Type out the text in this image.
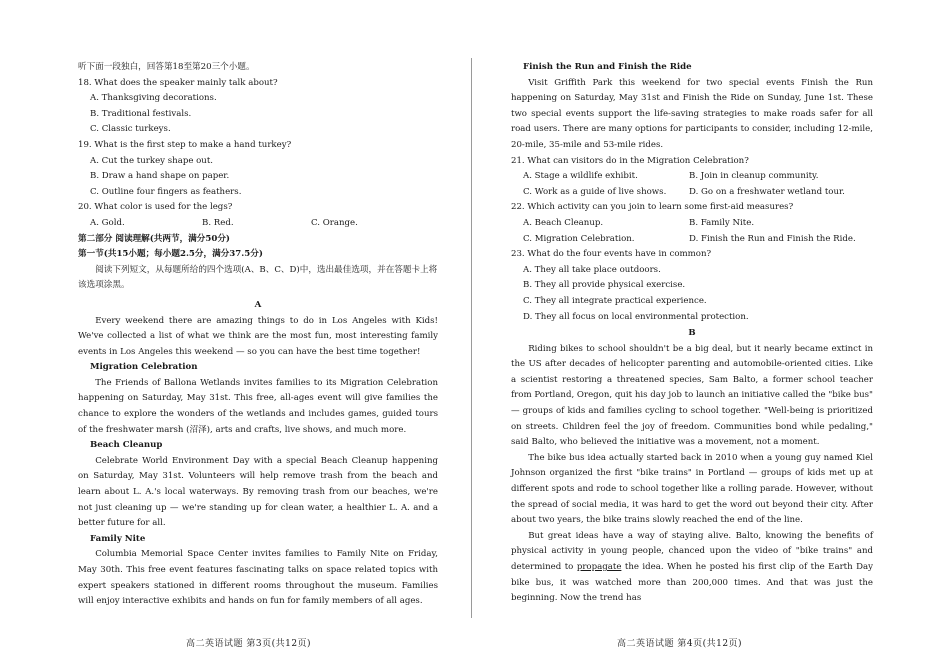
听下面一段独白，回答第18至第20三个小题。

18. What does the speaker mainly talk about?

A. Thanksgiving decorations.

B. Traditional festivals.

C. Classic turkeys.

19. What is the first step to make a hand turkey?

A. Cut the turkey shape out.

B. Draw a hand shape on paper.

C. Outline four fingers as feathers.

20. What color is used for the legs?

A. Gold.	B. Red.	C. Orange.

第二部分 阅读理解(共两节，满分50分)

第一节(共15小题；每小题2.5分，满分37.5分)

阅读下列短文，从每题所给的四个选项(A、B、C、D)中，选出最佳选项，并在答题卡上将

该选项涂黑。

A

Every weekend there are amazing things to do in Los Angeles with Kids! We've collected a list of what we think are the most fun, most interesting family events in Los Angeles this weekend — so you can have the best time together!

Migration Celebration

The Friends of Ballona Wetlands invites families to its Migration Celebration happening on Saturday, May 31st. This free, all-ages event will give families the chance to explore the wonders of the wetlands and includes games, guided tours of the freshwater marsh (沼泽), arts and crafts, live shows, and much more.

Beach Cleanup

Celebrate World Environment Day with a special Beach Cleanup happening on Saturday, May 31st. Volunteers will help remove trash from the beach and learn about L. A.'s local waterways. By removing trash from our beaches, we're not just cleaning up — we're standing up for clean water, a healthier L. A. and a better future for all.

Family Nite

Columbia Memorial Space Center invites families to Family Nite on Friday, May 30th. This free event features fascinating talks on space related topics with expert speakers stationed in different rooms throughout the museum. Families will enjoy interactive exhibits and hands on fun for family members of all ages.

Finish the Run and Finish the Ride

Visit Griffith Park this weekend for two special events Finish the Run happening on Saturday, May 31st and Finish the Ride on Sunday, June 1st. These two special events support the life-saving strategies to make roads safer for all road users. There are many options for participants to consider, including 12-mile, 20-mile, 35-mile and 53-mile rides.

21. What can visitors do in the Migration Celebration?

A. Stage a wildlife exhibit.	B. Join in cleanup community.
C. Work as a guide of live shows.	D. Go on a freshwater wetland tour.

22. Which activity can you join to learn some first-aid measures?

A. Beach Cleanup.	B. Family Nite.
C. Migration Celebration.	D. Finish the Run and Finish the Ride.

23. What do the four events have in common?

A. They all take place outdoors.

B. They all provide physical exercise.

C. They all integrate practical experience.

D. They all focus on local environmental protection.

B

Riding bikes to school shouldn't be a big deal, but it nearly became extinct in the US after decades of helicopter parenting and automobile-oriented cities. Like a scientist restoring a threatened species, Sam Balto, a former school teacher from Portland, Oregon, quit his day job to launch an initiative called the "bike bus" — groups of kids and families cycling to school together. "Well-being is prioritized on streets. Children feel the joy of freedom. Communities bond while pedaling," said Balto, who believed the initiative was a movement, not a moment.

The bike bus idea actually started back in 2010 when a young guy named Kiel Johnson organized the first "bike trains" in Portland — groups of kids met up at different spots and rode to school together like a rolling parade. However, without the spread of social media, it was hard to get the word out beyond their city. After about two years, the bike trains slowly reached the end of the line.

But great ideas have a way of staying alive. Balto, knowing the benefits of physical activity in young people, chanced upon the video of "bike trains" and determined to propagate the idea. When he posted his first clip of the Earth Day bike bus, it was watched more than 200,000 times. And that was just the beginning. Now the trend has

高二英语试题 第3页(共12页)	高二英语试题 第4页(共12页)
